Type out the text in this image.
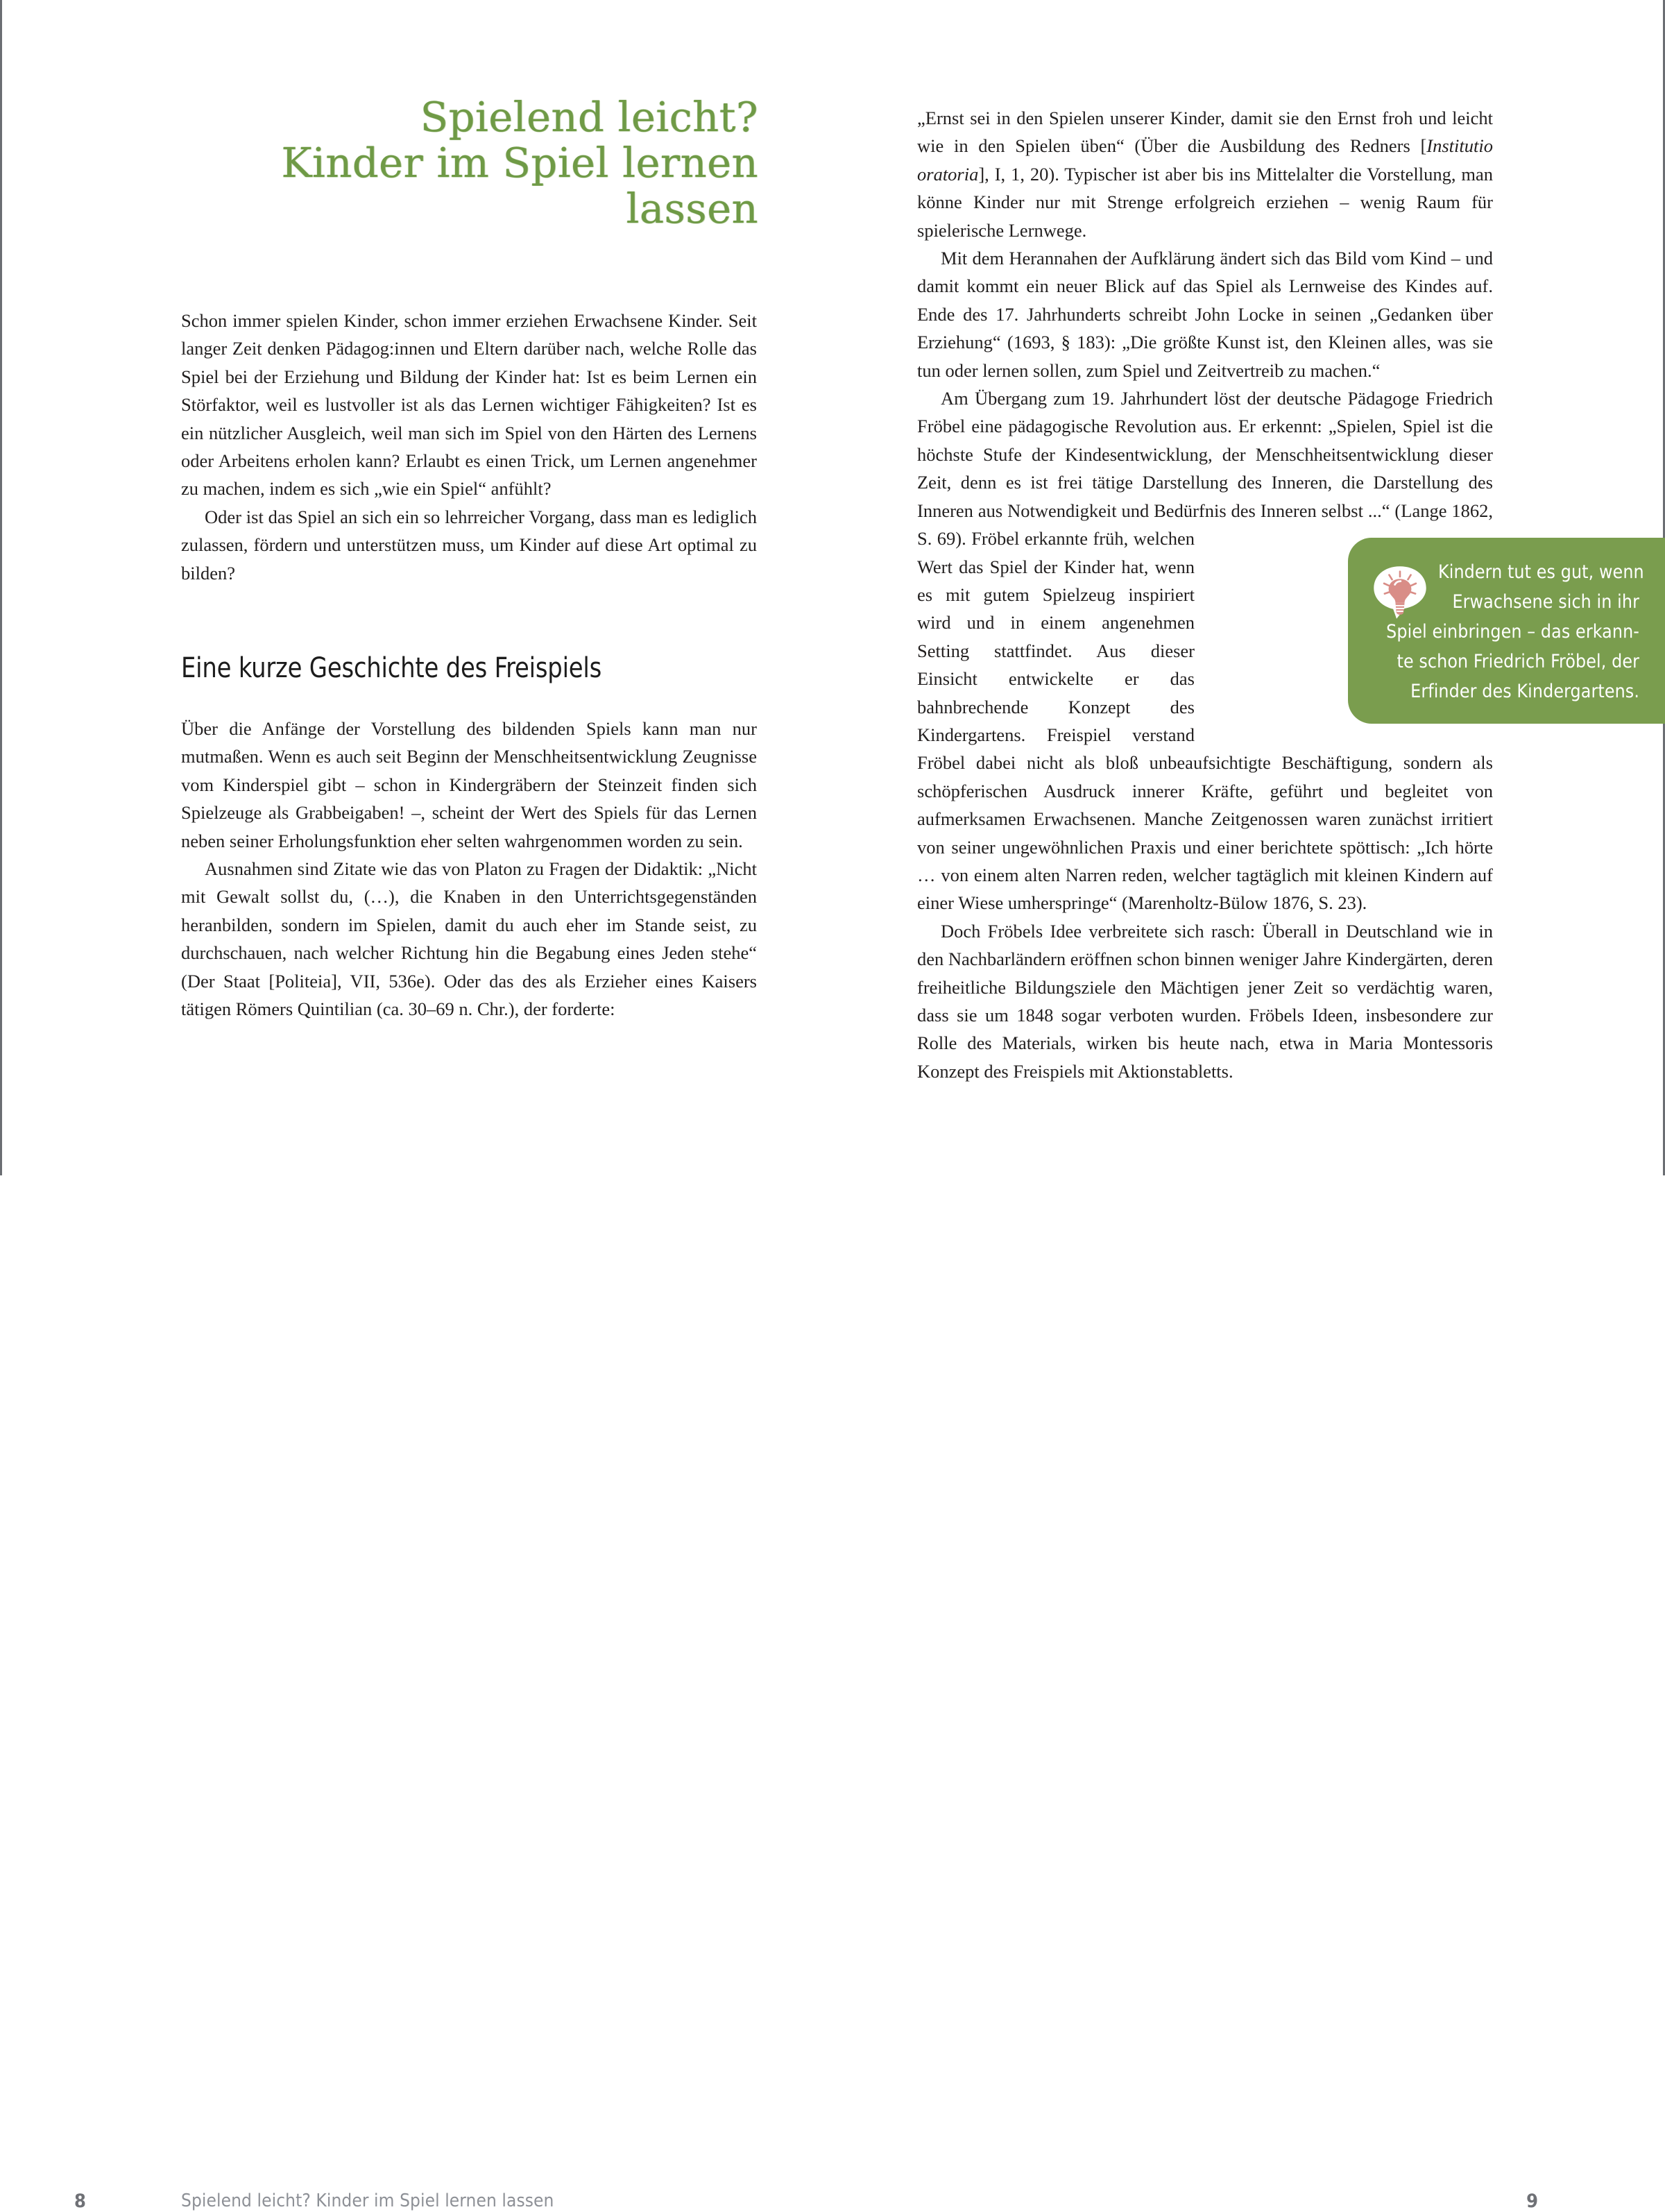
Spielend leicht?
Kinder im Spiel lernen
lassen

Schon immer spielen Kinder, schon immer erziehen Erwachsene Kinder. Seit langer Zeit denken Pädagog:innen und Eltern darüber nach, welche Rolle das Spiel bei der Erziehung und Bildung der Kinder hat: Ist es beim Lernen ein Störfaktor, weil es lustvoller ist als das Lernen wichtiger Fähigkeiten? Ist es ein nützlicher Ausgleich, weil man sich im Spiel von den Härten des Lernens oder Arbeitens erholen kann? Erlaubt es einen Trick, um Lernen angenehmer zu machen, indem es sich „wie ein Spiel“ anfühlt?

Oder ist das Spiel an sich ein so lehrreicher Vorgang, dass man es lediglich zulassen, fördern und unterstützen muss, um Kinder auf diese Art optimal zu bilden?

Eine kurze Geschichte des Freispiels

Über die Anfänge der Vorstellung des bildenden Spiels kann man nur mutmaßen. Wenn es auch seit Beginn der Menschheitsentwicklung Zeugnisse vom Kinderspiel gibt – schon in Kindergräbern der Steinzeit finden sich Spielzeuge als Grabbeigaben! –, scheint der Wert des Spiels für das Lernen neben seiner Erholungsfunktion eher selten wahrgenommen worden zu sein.

Ausnahmen sind Zitate wie das von Platon zu Fragen der Didaktik: „Nicht mit Gewalt sollst du, (…), die Knaben in den Unterrichtsgegenständen heranbilden, sondern im Spielen, damit du auch eher im Stande seist, zu durchschauen, nach welcher Richtung hin die Begabung eines Jeden stehe“ (Der Staat [Politeia], VII, 536e). Oder das des als Erzieher eines Kaisers tätigen Römers Quintilian (ca. 30–69 n. Chr.), der forderte:

8	Spielend leicht? Kinder im Spiel lernen lassen

„Ernst sei in den Spielen unserer Kinder, damit sie den Ernst froh und leicht wie in den Spielen üben“ (Über die Ausbildung des Redners [Institutio oratoria], I, 1, 20). Typischer ist aber bis ins Mittelalter die Vorstellung, man könne Kinder nur mit Strenge erfolgreich erziehen – wenig Raum für spielerische Lernwege.

Mit dem Herannahen der Aufklärung ändert sich das Bild vom Kind – und damit kommt ein neuer Blick auf das Spiel als Lernweise des Kindes auf. Ende des 17. Jahrhunderts schreibt John Locke in seinen „Gedanken über Erziehung“ (1693, § 183): „Die größte Kunst ist, den Kleinen alles, was sie tun oder lernen sollen, zum Spiel und Zeitvertreib zu machen.“

Am Übergang zum 19. Jahrhundert löst der deutsche Pädagoge Friedrich Fröbel eine pädagogische Revolution aus. Er erkennt: „Spielen, Spiel ist die höchste Stufe der Kindesentwicklung, der Menschheitsentwicklung dieser Zeit, denn es ist frei tätige Darstellung des Inneren, die Darstellung des Inneren aus Notwendigkeit und Bedürfnis des Inneren selbst ...“ (Lange 1862, S. 69). Fröbel erkannte früh, welchen Wert das Spiel der Kinder hat, wenn es mit gutem Spielzeug inspiriert wird und in einem angenehmen Setting stattfindet. Aus dieser Einsicht entwickelte er das bahnbrechende Konzept des Kindergartens. Freispiel verstand Fröbel dabei nicht als bloß unbeaufsichtigte Beschäftigung, sondern als schöpferischen Ausdruck innerer Kräfte, geführt und begleitet von aufmerksamen Erwachsenen. Manche Zeitgenossen waren zunächst irritiert von seiner ungewöhnlichen Praxis und einer berichtete spöttisch: „Ich hörte … von einem alten Narren reden, welcher tagtäglich mit kleinen Kindern auf einer Wiese umherspringe“ (Marenholtz-Bülow 1876, S. 23).

Doch Fröbels Idee verbreitete sich rasch: Überall in Deutschland wie in den Nachbarländern eröffnen schon binnen weniger Jahre Kindergärten, deren freiheitliche Bildungsziele den Mächtigen jener Zeit so verdächtig waren, dass sie um 1848 sogar verboten wurden. Fröbels Ideen, insbesondere zur Rolle des Materials, wirken bis heute nach, etwa in Maria Montessoris Konzept des Freispiels mit Aktionstabletts.

9
Kindern tut es gut, wenn
Erwachsene sich in ihr
Spiel einbringen – das erkann-
te schon Friedrich Fröbel, der
Erfinder des Kindergartens.
